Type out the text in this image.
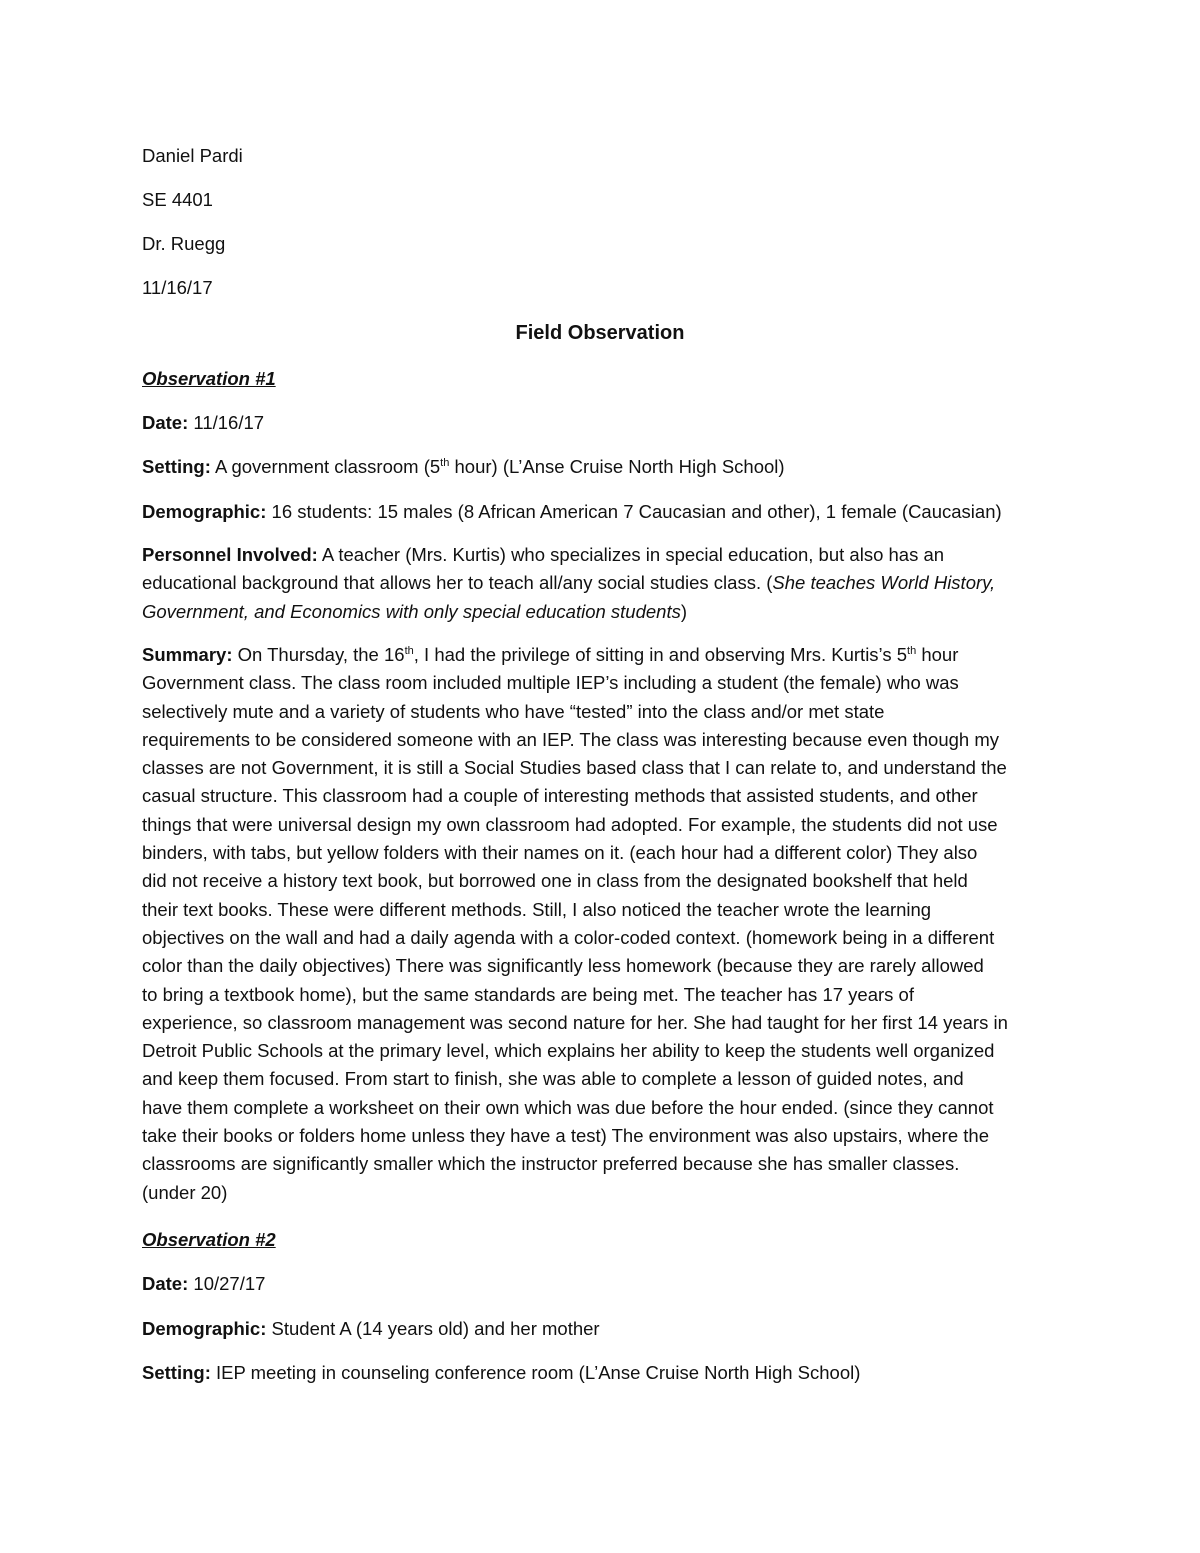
Daniel Pardi
SE 4401
Dr. Ruegg
11/16/17
Field Observation
Observation #1
Date: 11/16/17
Setting: A government classroom (5th hour) (L’Anse Cruise North High School)
Demographic: 16 students: 15 males (8 African American 7 Caucasian and other), 1 female (Caucasian)
Personnel Involved: A teacher (Mrs. Kurtis) who specializes in special education, but also has an
educational background that allows her to teach all/any social studies class. (She teaches World History,
Government, and Economics with only special education students)
Summary: On Thursday, the 16th, I had the privilege of sitting in and observing Mrs. Kurtis’s 5th hour
Government class. The class room included multiple IEP’s including a student (the female) who was
selectively mute and a variety of students who have “tested” into the class and/or met state
requirements to be considered someone with an IEP. The class was interesting because even though my
classes are not Government, it is still a Social Studies based class that I can relate to, and understand the
casual structure. This classroom had a couple of interesting methods that assisted students, and other
things that were universal design my own classroom had adopted. For example, the students did not use
binders, with tabs, but yellow folders with their names on it. (each hour had a different color) They also
did not receive a history text book, but borrowed one in class from the designated bookshelf that held
their text books. These were different methods. Still, I also noticed the teacher wrote the learning
objectives on the wall and had a daily agenda with a color-coded context. (homework being in a different
color than the daily objectives) There was significantly less homework (because they are rarely allowed
to bring a textbook home), but the same standards are being met. The teacher has 17 years of
experience, so classroom management was second nature for her. She had taught for her first 14 years in
Detroit Public Schools at the primary level, which explains her ability to keep the students well organized
and keep them focused. From start to finish, she was able to complete a lesson of guided notes, and
have them complete a worksheet on their own which was due before the hour ended. (since they cannot
take their books or folders home unless they have a test) The environment was also upstairs, where the
classrooms are significantly smaller which the instructor preferred because she has smaller classes.
(under 20)
Observation #2
Date: 10/27/17
Demographic: Student A (14 years old) and her mother
Setting: IEP meeting in counseling conference room (L’Anse Cruise North High School)
